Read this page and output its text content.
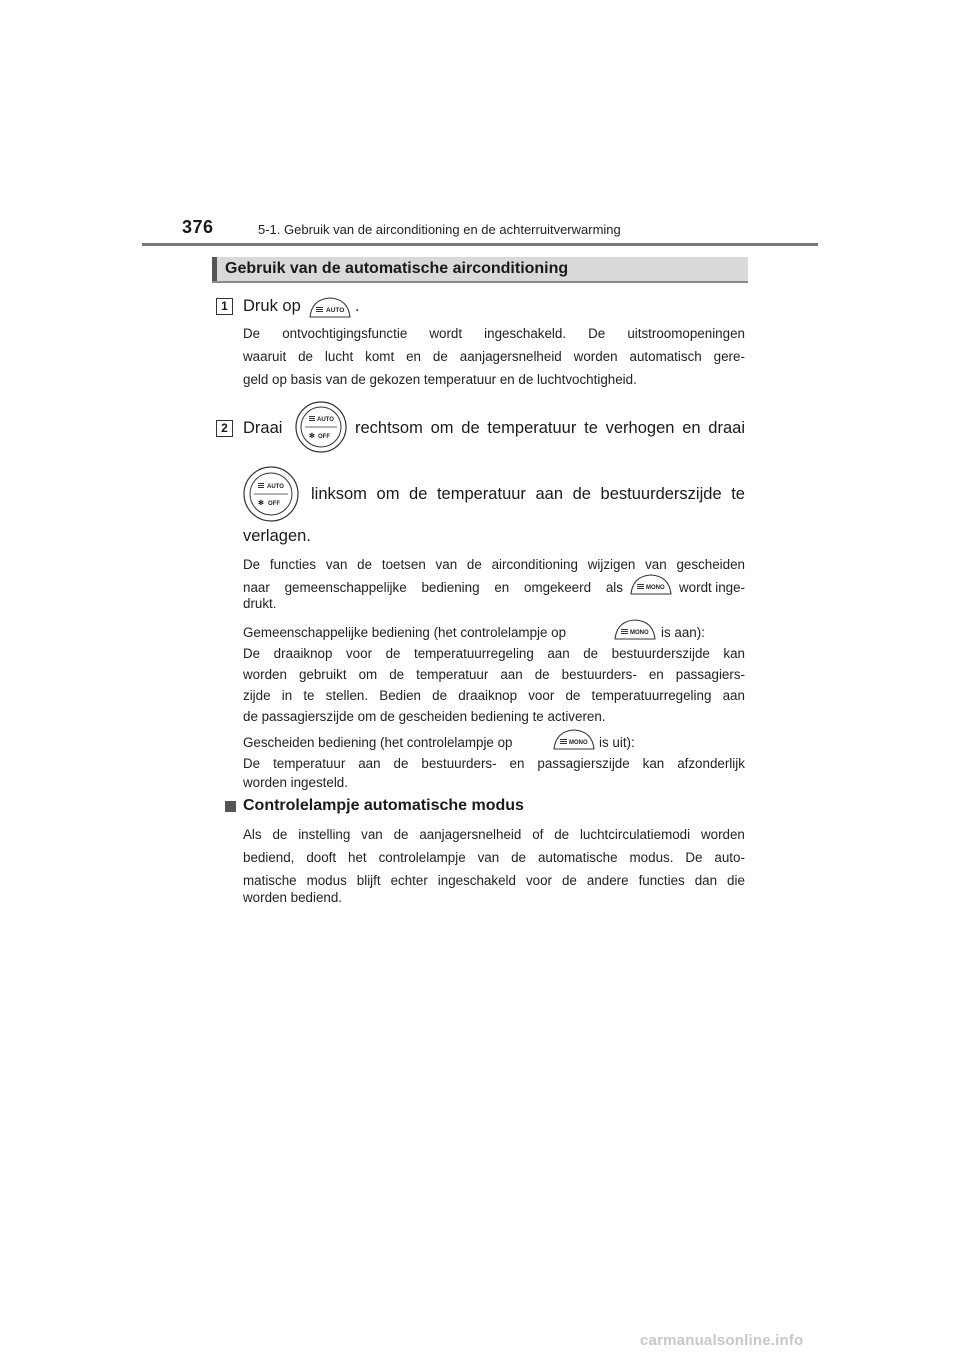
376	5-1. Gebruik van de airconditioning en de achterruitverwarming
Gebruik van de automatische airconditioning
1 Druk op	AUTO .
De ontvochtigingsfunctie wordt ingeschakeld. De uitstroomopeningen
waaruit de lucht komt en de aanjagersnelheid worden automatisch gere-
geld op basis van de gekozen temperatuur en de luchtvochtigheid.
2 Draai	AUTO
✻ OFF rechtsom om de temperatuur te verhogen en draai
AUTO
✻ OFF
linksom om de temperatuur aan de bestuurderszijde te
verlagen.
De functies van de toetsen van de airconditioning wijzigen van gescheiden
naar gemeenschappelijke bediening en omgekeerd als	MONO wordt inge-
drukt.
Gemeenschappelijke bediening (het controlelampje op	MONO is aan):
De draaiknop voor de temperatuurregeling aan de bestuurderszijde kan
worden gebruikt om de temperatuur aan de bestuurders- en passagiers-
zijde in te stellen. Bedien de draaiknop voor de temperatuurregeling aan
de passagierszijde om de gescheiden bediening te activeren.
Gescheiden bediening (het controlelampje op	MONO is uit):
De temperatuur aan de bestuurders- en passagierszijde kan afzonderlijk
worden ingesteld.
Controlelampje automatische modus
Als de instelling van de aanjagersnelheid of de luchtcirculatiemodi worden
bediend, dooft het controlelampje van de automatische modus. De auto-
matische modus blijft echter ingeschakeld voor de andere functies dan die
worden bediend.
carmanualsonline.info
